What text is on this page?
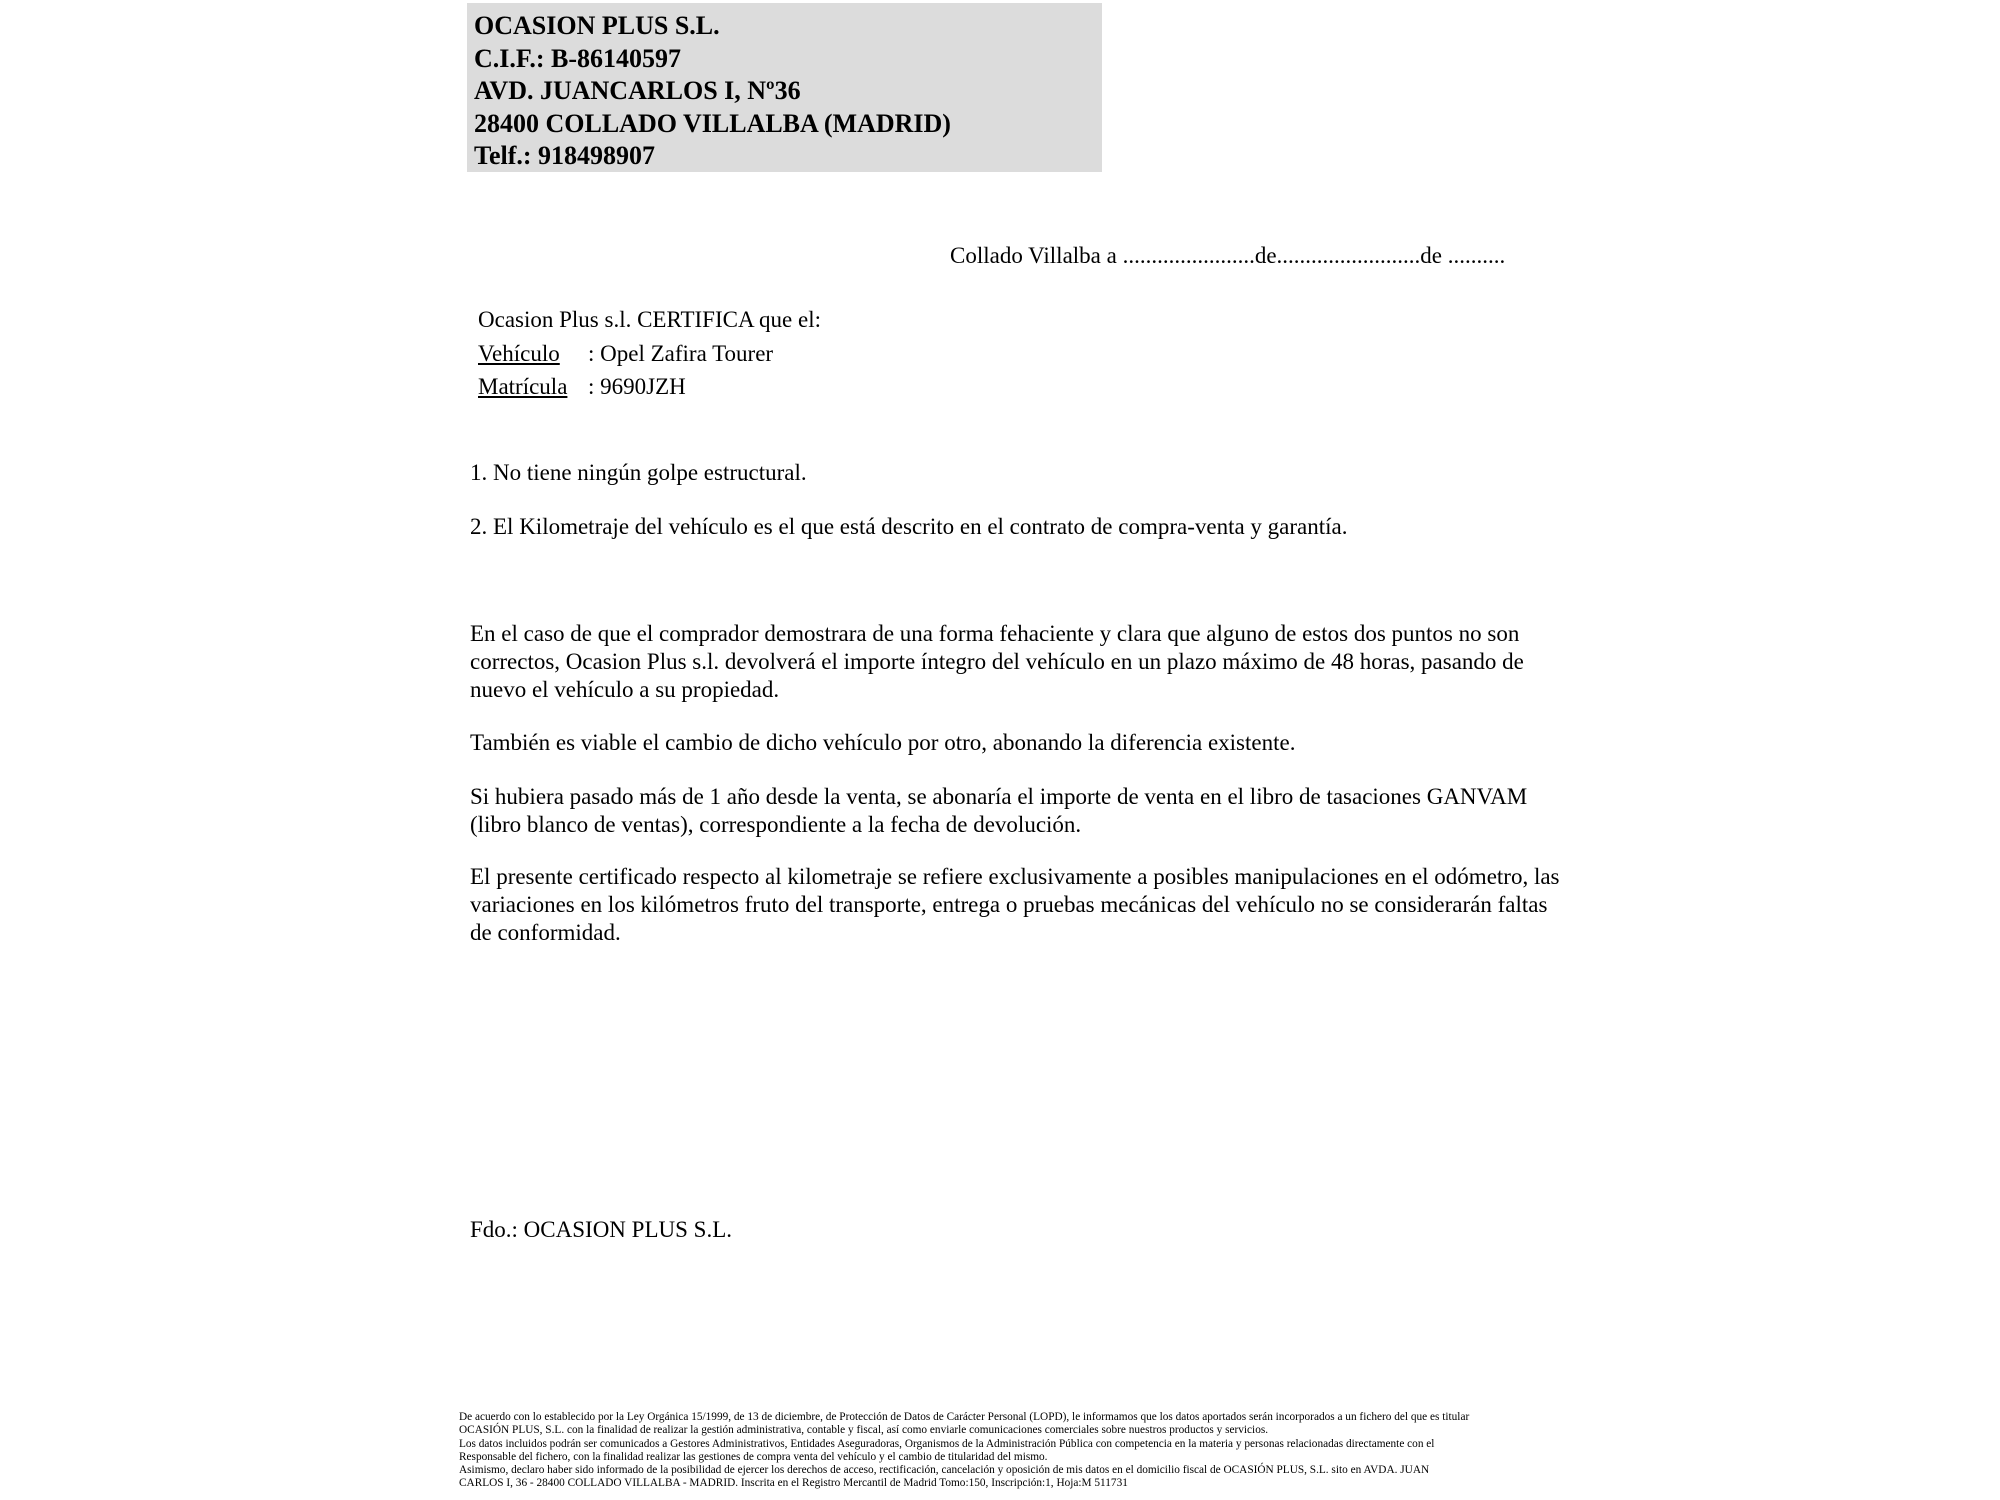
OCASION PLUS S.L.
C.I.F.: B-86140597
AVD. JUANCARLOS I, Nº36
28400 COLLADO VILLALBA (MADRID)
Telf.: 918498907
Collado Villalba a .......................de.........................de ..........
Ocasion Plus s.l. CERTIFICA que el:
Vehículo : Opel Zafira Tourer
Matrícula : 9690JZH
1. No tiene ningún golpe estructural.
2. El Kilometraje del vehículo es el que está descrito en el contrato de compra-venta y garantía.
En el caso de que el comprador demostrara de una forma fehaciente y clara que alguno de estos dos puntos no son correctos, Ocasion Plus s.l. devolverá el importe íntegro del vehículo en un plazo máximo de 48 horas, pasando de nuevo el vehículo a su propiedad.
También es viable el cambio de dicho vehículo por otro, abonando la diferencia existente.
Si hubiera pasado más de 1 año desde la venta, se abonaría el importe de venta en el libro de tasaciones GANVAM (libro blanco de ventas), correspondiente a la fecha de devolución.
El presente certificado respecto al kilometraje se refiere exclusivamente a posibles manipulaciones en el odómetro, las variaciones en los kilómetros fruto del transporte, entrega o pruebas mecánicas del vehículo no se considerarán faltas de conformidad.
Fdo.: OCASION PLUS S.L.
De acuerdo con lo establecido por la Ley Orgánica 15/1999, de 13 de diciembre, de Protección de Datos de Carácter Personal (LOPD), le informamos que los datos aportados serán incorporados a un fichero del que es titular
OCASIÓN PLUS, S.L. con la finalidad de realizar la gestión administrativa, contable y fiscal, así como enviarle comunicaciones comerciales sobre nuestros productos y servicios.
Los datos incluidos podrán ser comunicados a Gestores Administrativos, Entidades Aseguradoras, Organismos de la Administración Pública con competencia en la materia y personas relacionadas directamente con el
Responsable del fichero, con la finalidad realizar las gestiones de compra venta del vehículo y el cambio de titularidad del mismo.
Asimismo, declaro haber sido informado de la posibilidad de ejercer los derechos de acceso, rectificación, cancelación y oposición de mis datos en el domicilio fiscal de OCASIÓN PLUS, S.L. sito en AVDA. JUAN
CARLOS I, 36 - 28400 COLLADO VILLALBA - MADRID. Inscrita en el Registro Mercantil de Madrid Tomo:150, Inscripción:1, Hoja:M 511731
